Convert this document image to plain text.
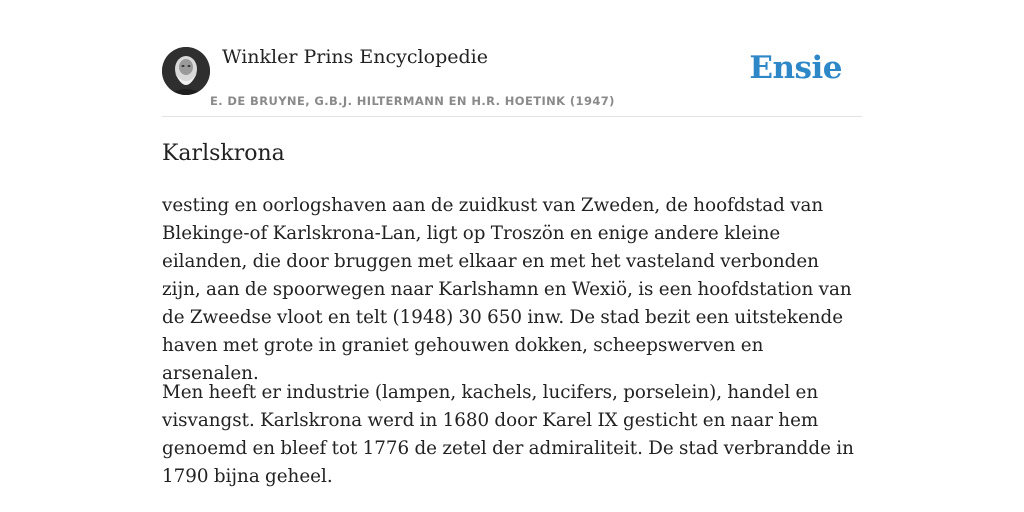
Winkler Prins Encyclopedie
E. DE BRUYNE, G.B.J. HILTERMANN EN H.R. HOETINK (1947)
Ensie
Karlskrona

vesting en oorlogshaven aan de zuidkust van Zweden, de hoofdstad van Blekinge-of Karlskrona-Lan, ligt op Troszön en enige andere kleine eilanden, die door bruggen met elkaar en met het vasteland verbonden zijn, aan de spoorwegen naar Karlshamn en Wexiö, is een hoofdstation van de Zweedse vloot en telt (1948) 30 650 inw. De stad bezit een uitstekende haven met grote in graniet gehouwen dokken, scheepswerven en arsenalen.

Men heeft er industrie (lampen, kachels, lucifers, porselein), handel en visvangst. Karlskrona werd in 1680 door Karel IX gesticht en naar hem genoemd en bleef tot 1776 de zetel der admiraliteit. De stad verbrandde in 1790 bijna geheel.
